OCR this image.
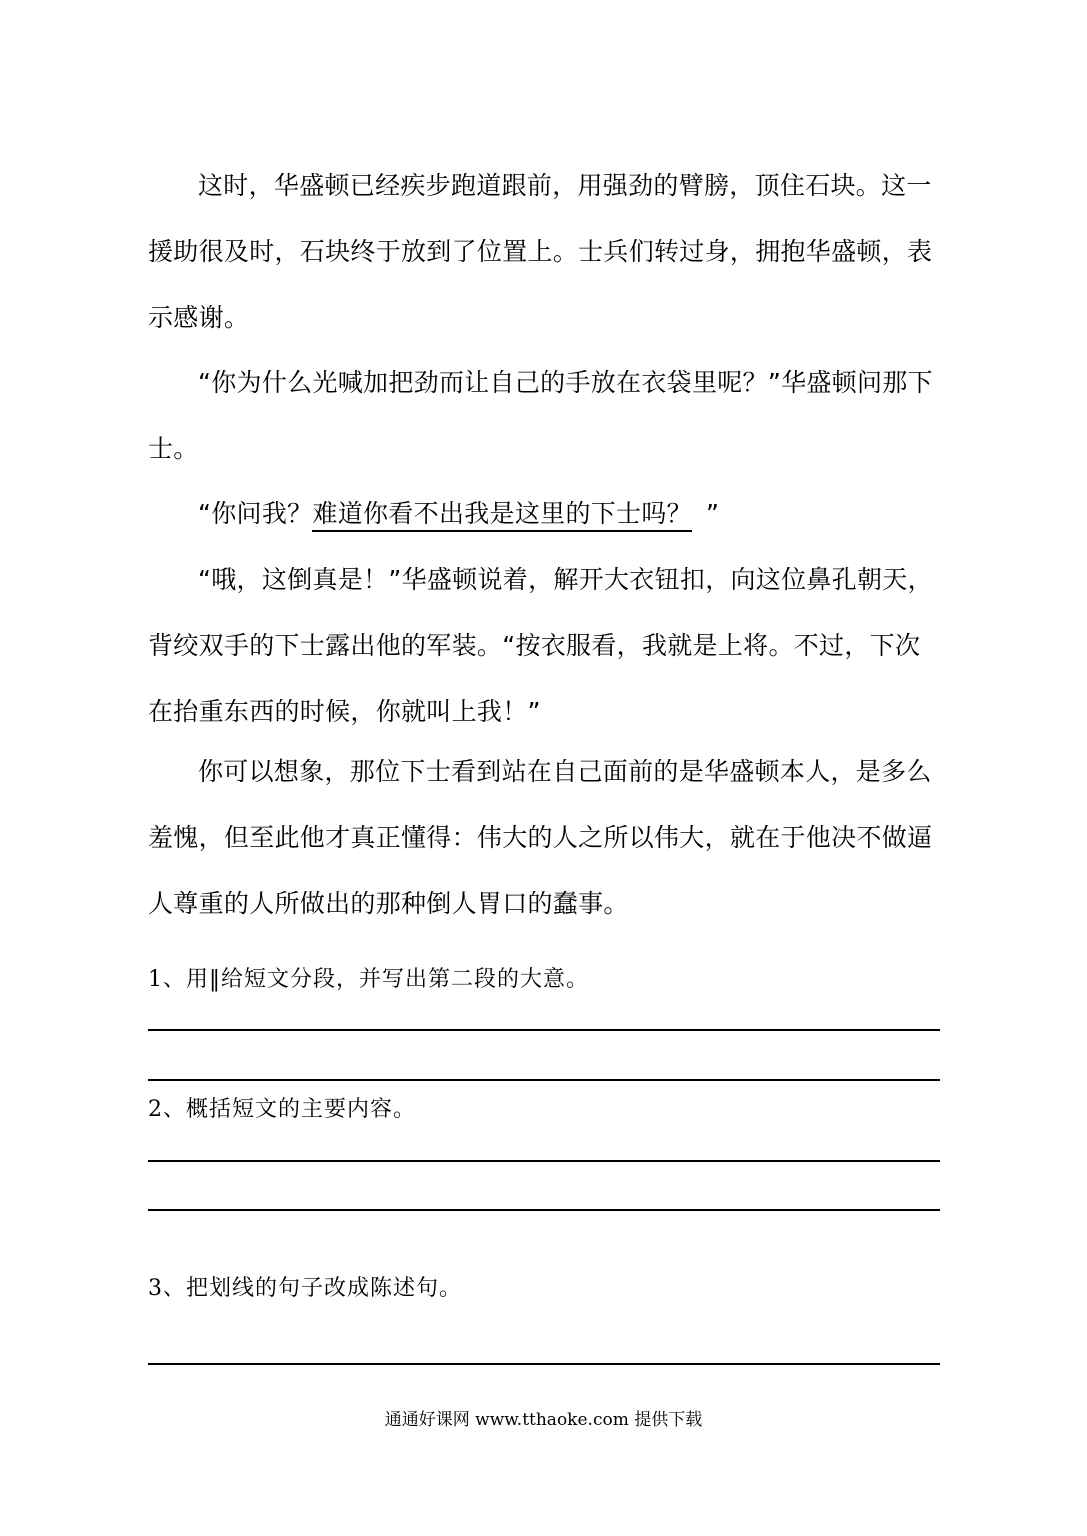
这时，华盛顿已经疾步跑道跟前，用强劲的臂膀，顶住石块。这一援助很及时，石块终于放到了位置上。士兵们转过身，拥抱华盛顿，表示感谢。

“你为什么光喊加把劲而让自己的手放在衣袋里呢？”华盛顿问那下士。

“你问我？难道你看不出我是这里的下士吗？ ”

“哦，这倒真是！”华盛顿说着，解开大衣钮扣，向这位鼻孔朝天，背绞双手的下士露出他的军装。“按衣服看，我就是上将。不过，下次在抬重东西的时候，你就叫上我！”

你可以想象，那位下士看到站在自己面前的是华盛顿本人，是多么羞愧，但至此他才真正懂得：伟大的人之所以伟大，就在于他决不做逼人尊重的人所做出的那种倒人胃口的蠢事。

1、用‖给短文分段，并写出第二段的大意。
2、概括短文的主要内容。
3、把划线的句子改成陈述句。
通通好课网 www.tthaoke.com 提供下载
